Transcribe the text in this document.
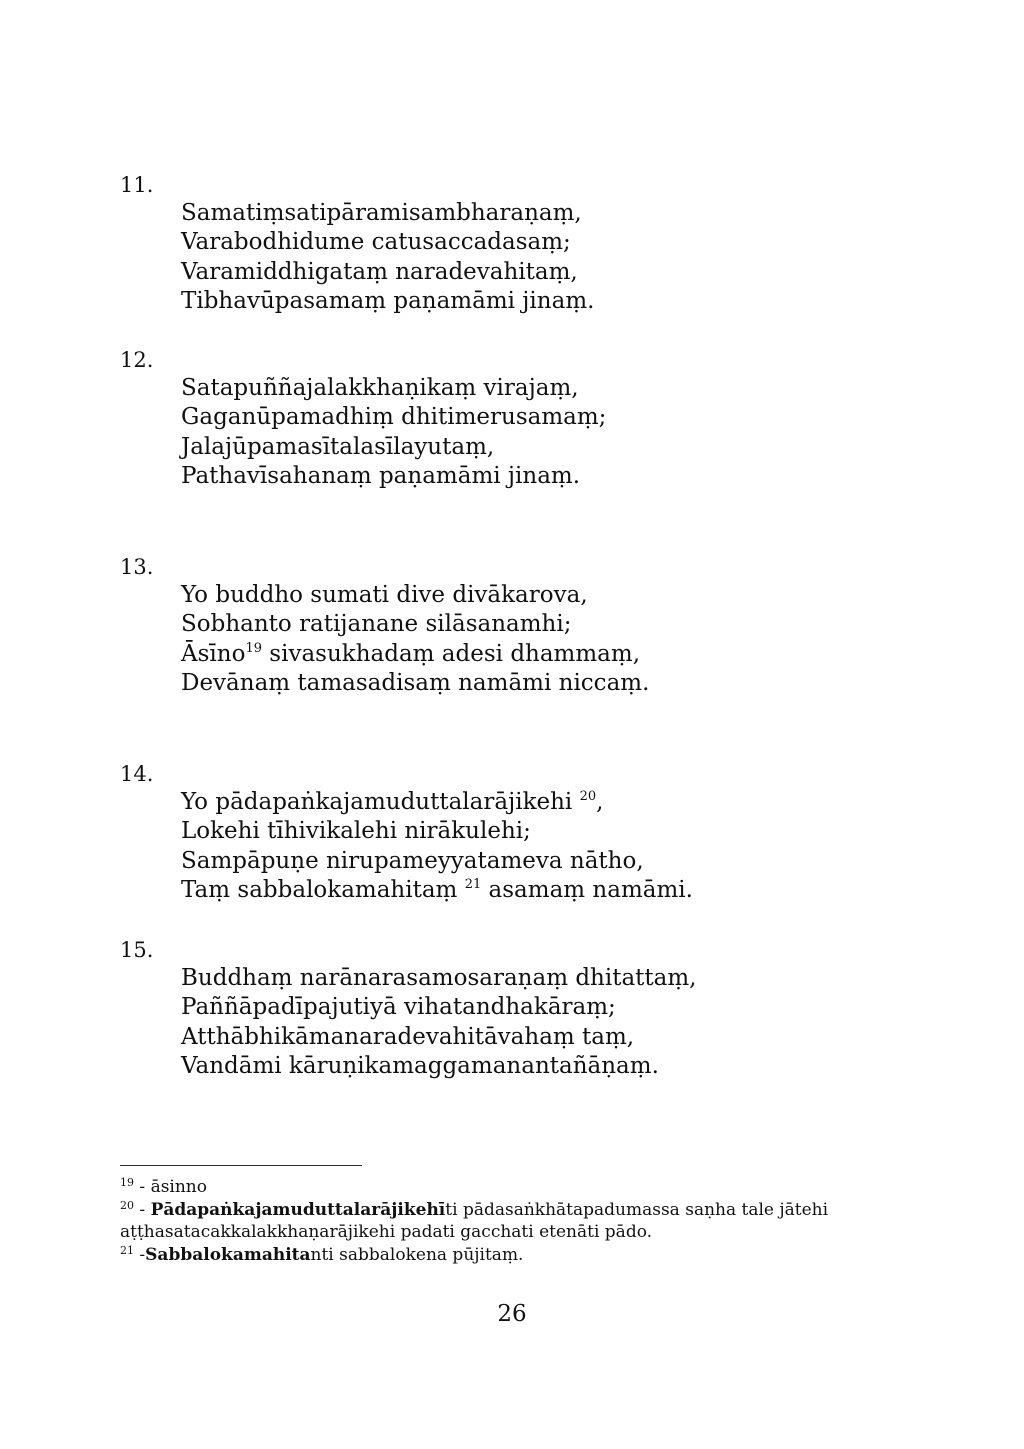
11.
Samatiṃsatipāramisambharaṇaṃ,
Varabodhidume catusaccadasaṃ;
Varamiddhigataṃ naradevahitaṃ,
Tibhavūpasamaṃ paṇamāmi jinaṃ.
12.
Satapuññajalakkhaṇikaṃ virajaṃ,
Gaganūpamadhiṃ dhitimerusamaṃ;
Jalajūpamasītalasīlayutaṃ,
Pathavīsahanaṃ paṇamāmi jinaṃ.
13.
Yo buddho sumati dive divākarova,
Sobhanto ratijanane silāsanamhi;
Āsīno$^{19}$ sivasukhadaṃ adesi dhammaṃ,
Devānaṃ tamasadisaṃ namāmi niccaṃ.
14.
Yo pādapaṅkajamuduttalarājikehi $^{20}$,
Lokehi tīhivikalehi nirākulehi;
Sampāpuṇe nirupameyyatameva nātho,
Taṃ sabbalokamahitaṃ $^{21}$ asamaṃ namāmi.
15.
Buddhaṃ narānarasamosaraṇaṃ dhitattaṃ,
Paññāpadīpajutiyā vihatandhakāraṃ;
Atthābhikāmanaradevahitāvahaṃ taṃ,
Vandāmi kāruṇikamaggamanantañāṇaṃ.
$^{19}$ - āsinno
$^{20}$ - Pādapaṅkajamuduttalarājikehīti pādasaṅkhātapadumassa saṇha tale jātehi aṭṭhasatacakkalakkhaṇarājikehi padati gacchati etenāti pādo.
$^{21}$ -Sabbalokamahitanti sabbalokena pūjitaṃ.
26
